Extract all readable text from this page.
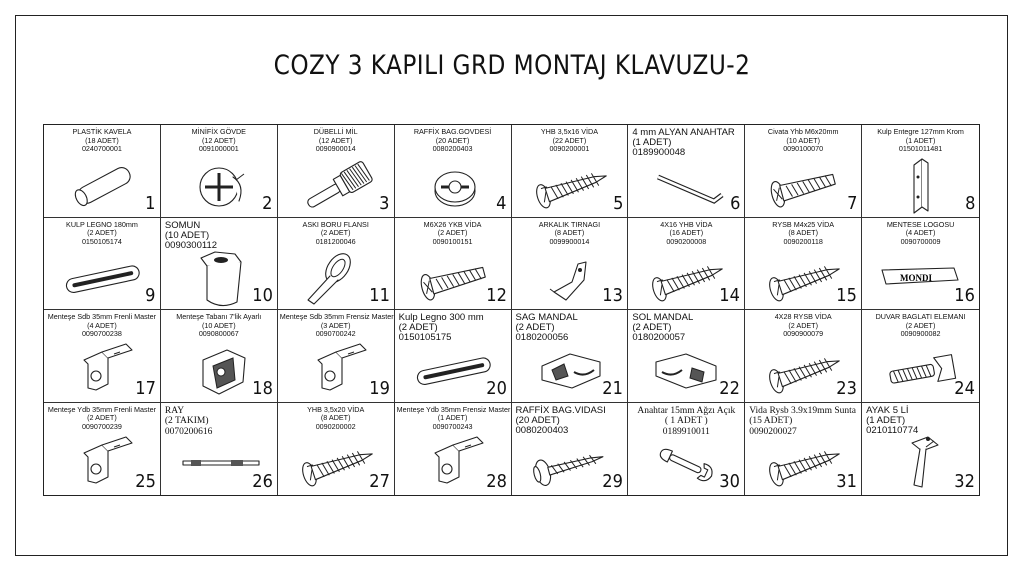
COZY 3 KAPILI GRD MONTAJ KLAVUZU-2
PLASTİK KAVELA
(18 ADET)
0240700001
1
MİNİFİX GÖVDE
(12 ADET)
0091000001
2
DÜBELLİ MİL
(12 ADET)
0090900014
3
RAFFİX BAG.GOVDESİ
(20 ADET)
0080200403
4
YHB 3,5x16 VİDA
(22 ADET)
0090200001
5
4 mm ALYAN ANAHTAR
(1 ADET)
0189900048
6
Civata Yhb M6x20mm
(10 ADET)
0090100070
7
Kulp Entegre 127mm Krom
(1 ADET)
01501011481
8
KULP LEGNO 180mm
(2 ADET)
0150105174
9
SOMUN
(10 ADET)
0090300112
10
ASKI BORU FLANSI
(2 ADET)
0181200046
11
M6X26 YKB VİDA
(2 ADET)
0090100151
12
ARKALIK TIRNAGI
(8 ADET)
0099900014
13
4X16 YHB VİDA
(16 ADET)
0090200008
14
RYSB M4x25 VİDA
(8 ADET)
0090200118
15
MONDI
MENTESE LOGOSU
(4 ADET)
0090700009
16
Menteşe Sdb 35mm Frenli Master
(4 ADET)
0090700238
17
Menteşe Tabanı 7'lik Ayarlı
(10 ADET)
0090800067
18
Menteşe Sdb 35mm Frensiz Master
(3 ADET)
0090700242
19
Kulp Legno 300 mm
(2 ADET)
0150105175
20
SAG MANDAL
(2 ADET)
0180200056
21
SOL MANDAL
(2 ADET)
0180200057
22
4X28 RYSB VİDA
(2 ADET)
0090900079
23
DUVAR BAGLATI ELEMANI
(2 ADET)
0090900082
24
Menteşe Ydb 35mm Frenli Master
(2 ADET)
0090700239
25
RAY
(2 TAKIM)
0070200616
26
YHB 3,5x20 VİDA
(8 ADET)
0090200002
27
Menteşe Ydb 35mm Frensiz Master
(1 ADET)
0090700243
28
RAFFİX BAG.VIDASI
(20 ADET)
0080200403
29
Anahtar 15mm Ağzı Açık
( 1 ADET )
0189910011
30
Vida Rysb 3.9x19mm Sunta
(15 ADET)
0090200027
31
AYAK 5 Lİ
(1 ADET)
0210110774
32
